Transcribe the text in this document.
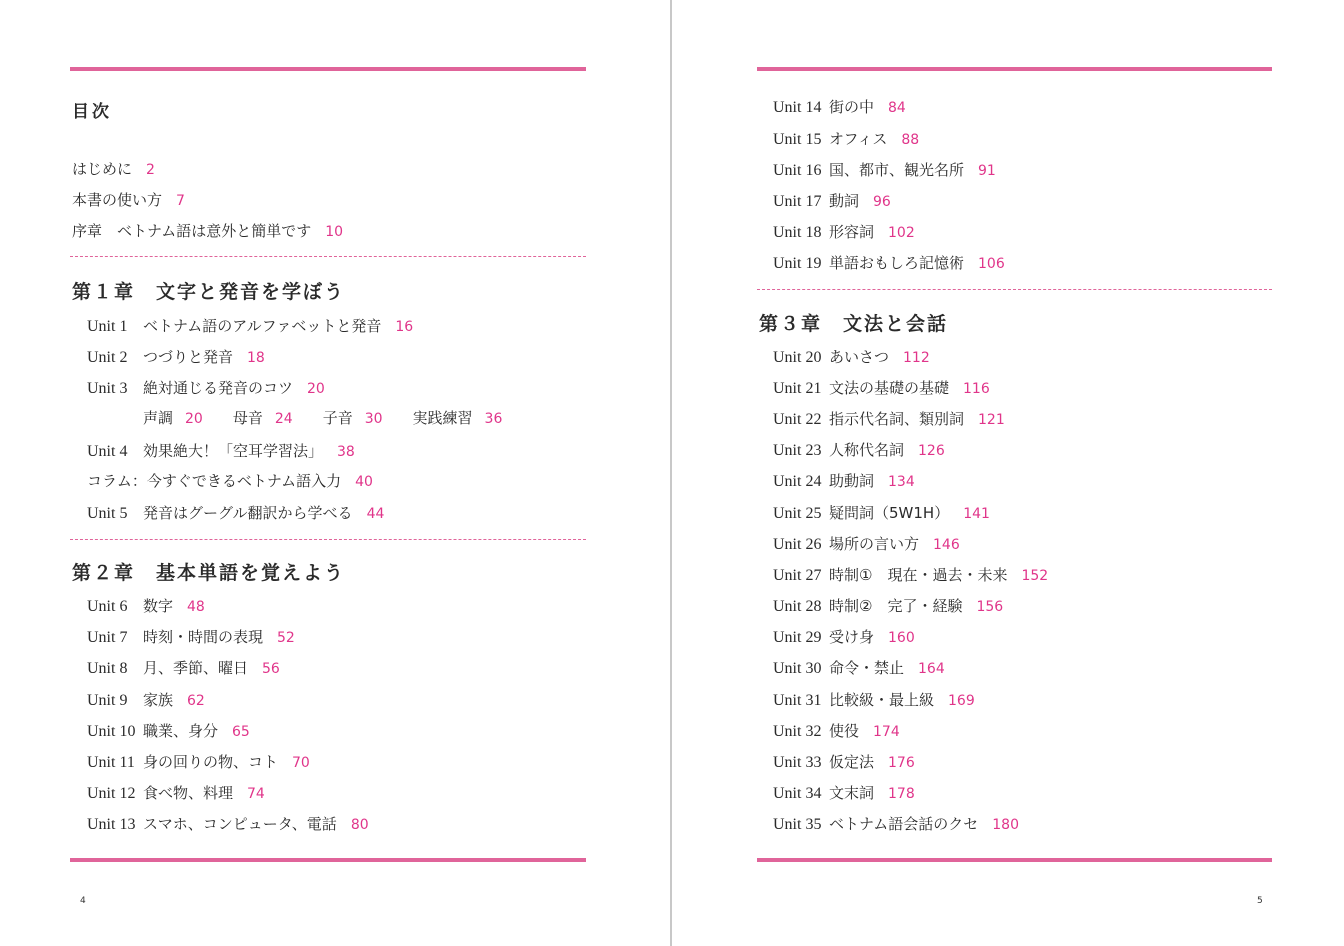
目次
はじめに 2
本書の使い方 7
序章　ベトナム語は意外と簡単です 10
第１章　文字と発音を学ぼう
Unit 1 ベトナム語のアルファベットと発音 16
Unit 2 つづりと発音 18
Unit 3 絶対通じる発音のコツ 20
声調 20 母音 24 子音 30 実践練習 36
Unit 4 効果絶大！「空耳学習法」 38
コラム：今すぐできるベトナム語入力 40
Unit 5 発音はグーグル翻訳から学べる 44
第２章　基本単語を覚えよう
Unit 6 数字 48
Unit 7 時刻・時間の表現 52
Unit 8 月、季節、曜日 56
Unit 9 家族 62
Unit 10 職業、身分 65
Unit 11 身の回りの物、コト 70
Unit 12 食べ物、料理 74
Unit 13 スマホ、コンピュータ、電話 80
4
Unit 14 街の中 84
Unit 15 オフィス 88
Unit 16 国、都市、観光名所 91
Unit 17 動詞 96
Unit 18 形容詞 102
Unit 19 単語おもしろ記憶術 106
第３章　文法と会話
Unit 20 あいさつ 112
Unit 21 文法の基礎の基礎 116
Unit 22 指示代名詞、類別詞 121
Unit 23 人称代名詞 126
Unit 24 助動詞 134
Unit 25 疑問詞（5W1H） 141
Unit 26 場所の言い方 146
Unit 27 時制①　現在・過去・未来 152
Unit 28 時制②　完了・経験 156
Unit 29 受け身 160
Unit 30 命令・禁止 164
Unit 31 比較級・最上級 169
Unit 32 使役 174
Unit 33 仮定法 176
Unit 34 文末詞 178
Unit 35 ベトナム語会話のクセ 180
5
